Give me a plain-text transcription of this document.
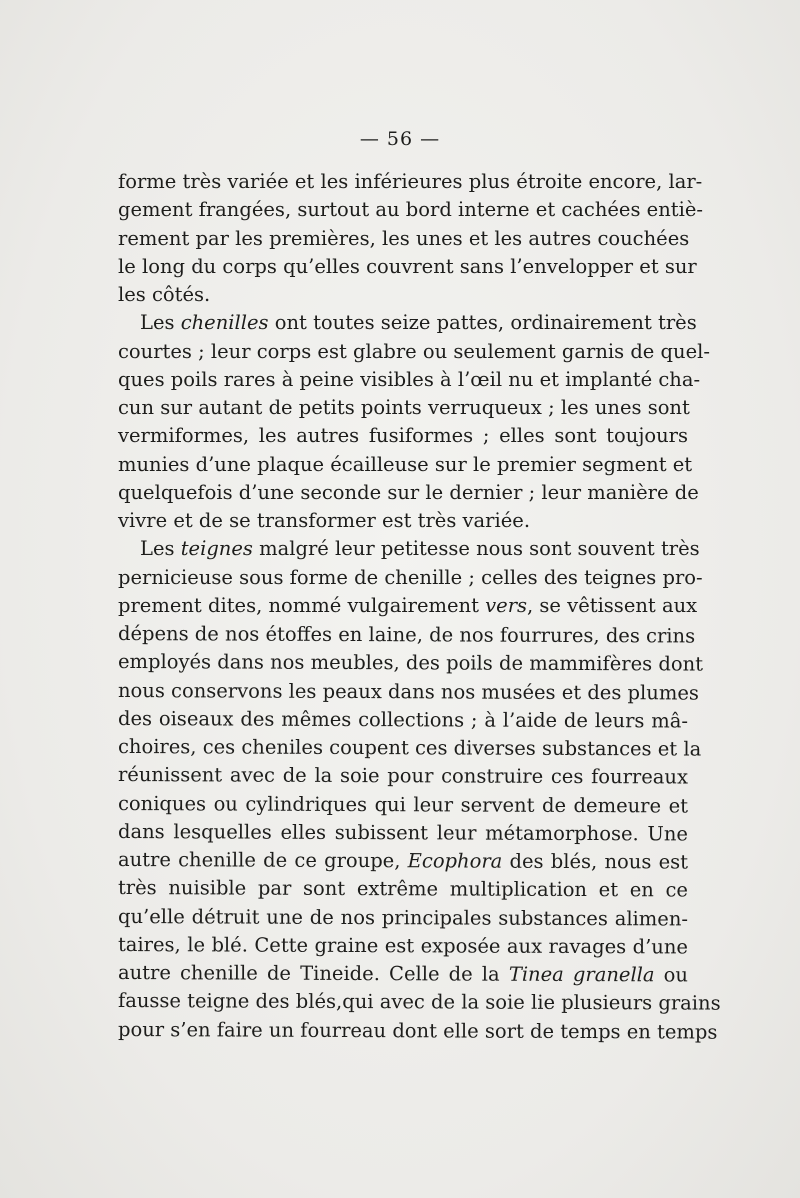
— 56 —
forme très variée et les inférieures plus étroite encore, lar-
gement frangées, surtout au bord interne et cachées entiè-
rement par les premières, les unes et les autres couchées
le long du corps qu’elles couvrent sans l’envelopper et sur
les côtés.
Les chenilles ont toutes seize pattes, ordinairement très
courtes ; leur corps est glabre ou seulement garnis de quel-
ques poils rares à peine visibles à l’œil nu et implanté cha-
cun sur autant de petits points verruqueux ; les unes sont
vermiformes, les autres fusiformes ; elles sont toujours
munies d’une plaque écailleuse sur le premier segment et
quelquefois d’une seconde sur le dernier ; leur manière de
vivre et de se transformer est très variée.
Les teignes malgré leur petitesse nous sont souvent très
pernicieuse sous forme de chenille ; celles des teignes pro-
prement dites, nommé vulgairement vers, se vêtissent aux
dépens de nos étoffes en laine, de nos fourrures, des crins
employés dans nos meubles, des poils de mammifères dont
nous conservons les peaux dans nos musées et des plumes
des oiseaux des mêmes collections ; à l’aide de leurs mâ-
choires, ces cheniles coupent ces diverses substances et la
réunissent avec de la soie pour construire ces fourreaux
coniques ou cylindriques qui leur servent de demeure et
dans lesquelles elles subissent leur métamorphose. Une
autre chenille de ce groupe, Ecophora des blés, nous est
très nuisible par sont extrême multiplication et en ce
qu’elle détruit une de nos principales substances alimen-
taires, le blé. Cette graine est exposée aux ravages d’une
autre chenille de Tineide. Celle de la Tinea granella ou
fausse teigne des blés,qui avec de la soie lie plusieurs grains
pour s’en faire un fourreau dont elle sort de temps en temps
